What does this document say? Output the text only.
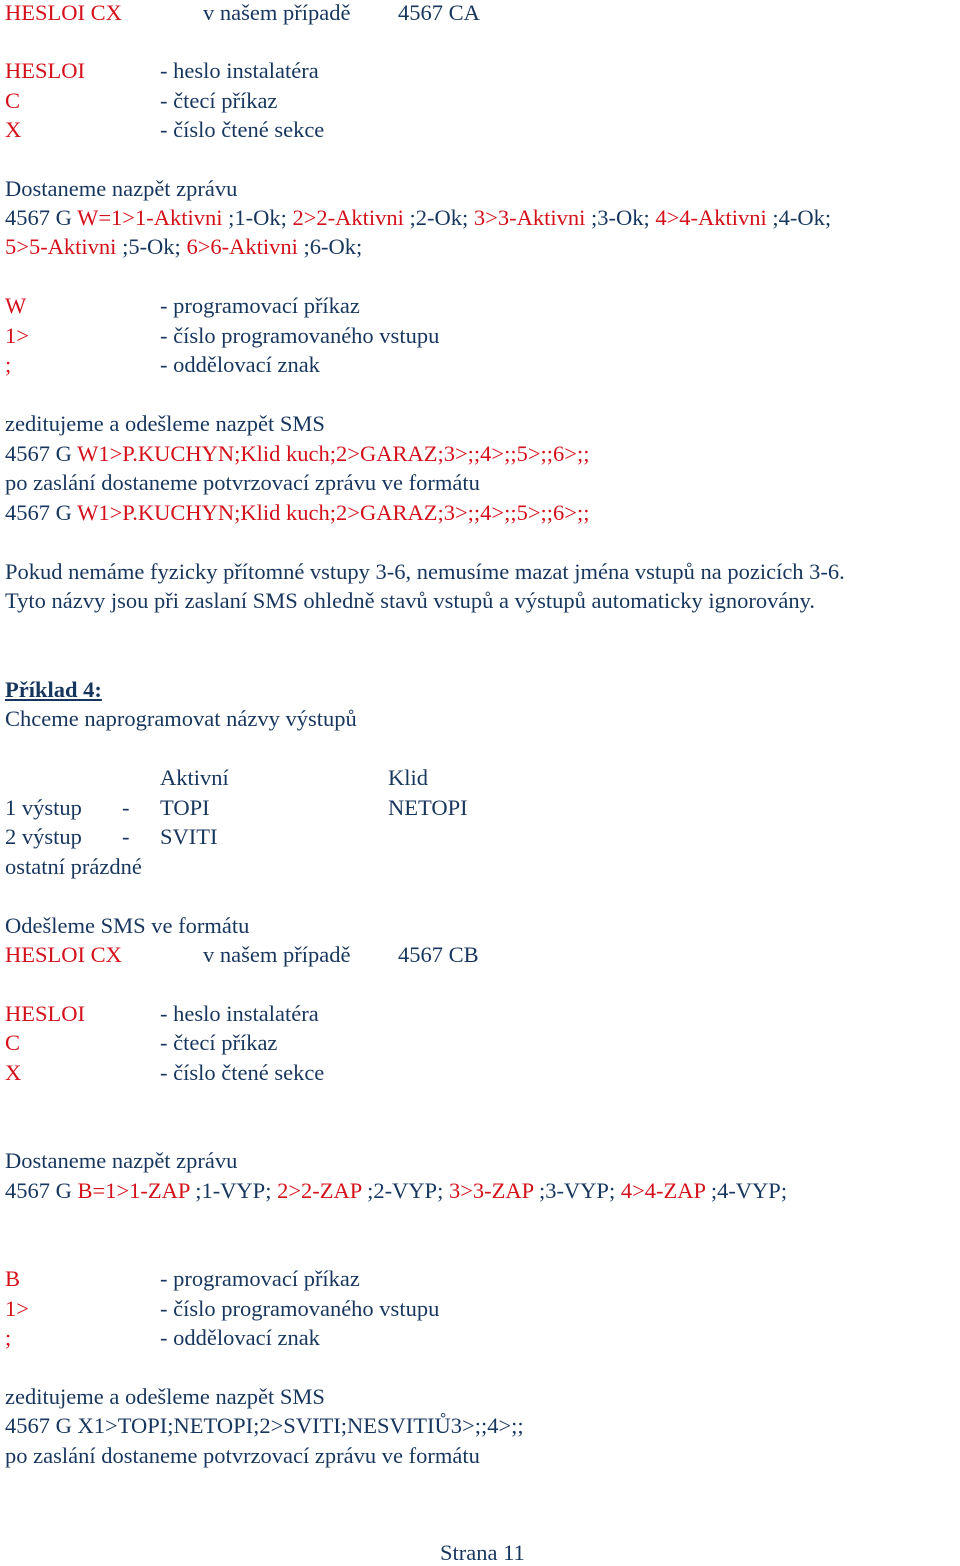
HESLOI CX	v našem případě 4567 CA
HESLOI	- heslo instalatéra
C	- čtecí příkaz
X	- číslo čtené sekce
Dostaneme nazpět zprávu
4567 G W=1>1-Aktivni ;1-Ok; 2>2-Aktivni ;2-Ok; 3>3-Aktivni ;3-Ok; 4>4-Aktivni ;4-Ok;
5>5-Aktivni ;5-Ok; 6>6-Aktivni ;6-Ok;
W	- programovací příkaz
1>	- číslo programovaného vstupu
;	- oddělovací znak
zeditujeme a odešleme nazpět SMS
4567 G W1>P.KUCHYN;Klid kuch;2>GARAZ;3>;;4>;;5>;;6>;;
po zaslání dostaneme potvrzovací zprávu ve formátu
4567 G W1>P.KUCHYN;Klid kuch;2>GARAZ;3>;;4>;;5>;;6>;;
Pokud nemáme fyzicky přítomné vstupy 3-6, nemusíme mazat jména vstupů na pozicích 3-6.
Tyto názvy jsou při zaslaní SMS ohledně stavů vstupů a výstupů automaticky ignorovány.
Příklad 4:
Chceme naprogramovat názvy výstupů
Aktivní	Klid
1 výstup - TOPI	NETOPI
2 výstup - SVITI
ostatní prázdné
Odešleme SMS ve formátu
HESLOI CX	v našem případě 4567 CB
HESLOI	- heslo instalatéra
C	- čtecí příkaz
X	- číslo čtené sekce
Dostaneme nazpět zprávu
4567 G B=1>1-ZAP ;1-VYP; 2>2-ZAP ;2-VYP; 3>3-ZAP ;3-VYP; 4>4-ZAP ;4-VYP;
B	- programovací příkaz
1>	- číslo programovaného vstupu
;	- oddělovací znak
zeditujeme a odešleme nazpět SMS
4567 G X1>TOPI;NETOPI;2>SVITI;NESVITIŮ3>;;4>;;
po zaslání dostaneme potvrzovací zprávu ve formátu
Strana 11
